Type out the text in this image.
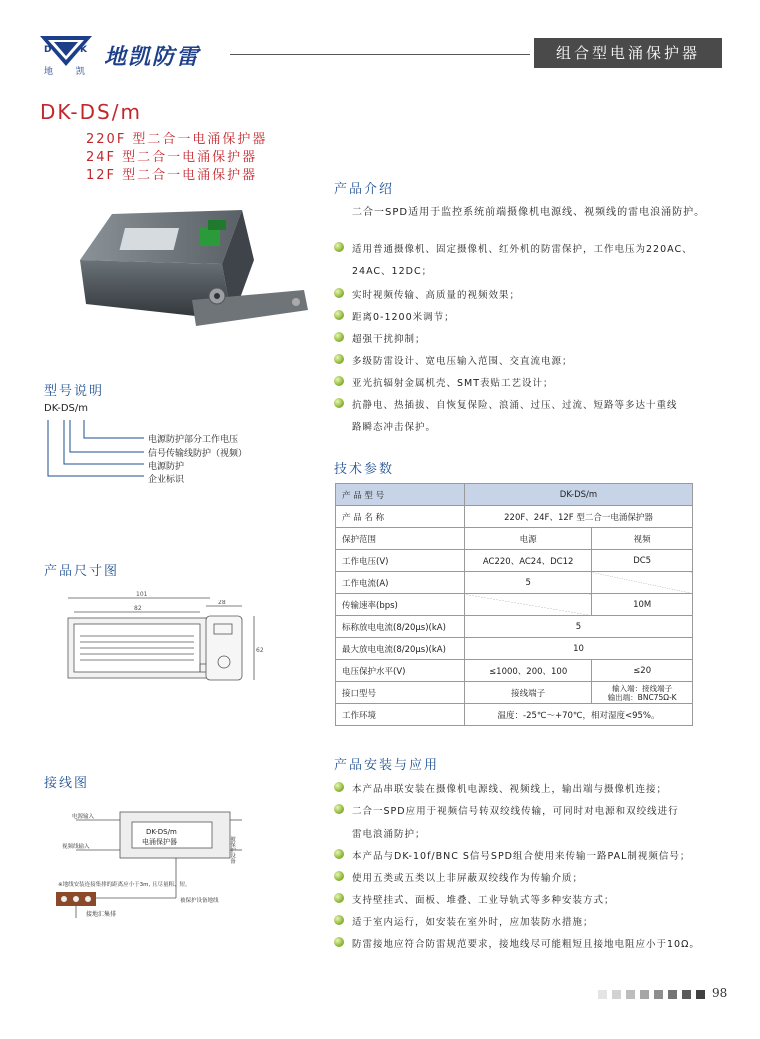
D	K 地凯防雷
地 凯
组合型电涌保护器
DK-DS/m
220F 型二合一电涌保护器
24F 型二合一电涌保护器
12F 型二合一电涌保护器
产品介绍
二合一SPD适用于监控系统前端摄像机电源线、视频线的雷电浪涌防护。
适用普通摄像机、固定摄像机、红外机的防雷保护，工作电压为220AC、
24AC、12DC；
实时视频传输、高质量的视频效果；
距离0-1200米调节；
超强干扰抑制；
多级防雷设计、宽电压输入范围、交直流电源；
亚光抗辐射金属机壳、SMT表贴工艺设计；
抗静电、热插拔、自恢复保险、浪涌、过压、过流、短路等多达十重线
路瞬态冲击保护。
型号说明
DK-DS/m
电源防护部分工作电压
信号传输线防护（视频）
电源防护
企业标识
技术参数
产 品 型 号	DK-DS/m	
产 品 名 称	220F、24F、12F 型二合一电涌保护器	
保护范围	电源	视频
工作电压(V)	AC220、AC24、DC12	DC5
工作电流(A)	5	
传输速率(bps)		10M
标称放电电流(8/20μs)(kA)	5	
最大放电电流(8/20μs)(kA)	10	
电压保护水平(V)	≤1000、200、100	≤20
接口型号	接线端子	输入端：接线端子
输出端：BNC75Ω-K

工作环境	温度：-25℃～+70℃，相对湿度<95%。	
产品尺寸图
101
82
28
62
接线图
电源输入
视频线输入
DK-DS/m
电涌保护器	被保护设备
※地线安装连接集排的距离应小于3m, 且尽量粗、短。
接地汇集排
被保护设备地线
产品安装与应用
本产品串联安装在摄像机电源线、视频线上，输出端与摄像机连接；
二合一SPD应用于视频信号转双绞线传输，可同时对电源和双绞线进行
雷电浪涌防护；
本产品与DK-10f/BNC S信号SPD组合使用来传输一路PAL制视频信号；
使用五类或五类以上非屏蔽双绞线作为传输介质；
支持壁挂式、面板、堆叠、工业导轨式等多种安装方式；
适于室内运行，如安装在室外时，应加装防水措施；
防雷接地应符合防雷规范要求，接地线尽可能粗短且接地电阻应小于10Ω。
98
